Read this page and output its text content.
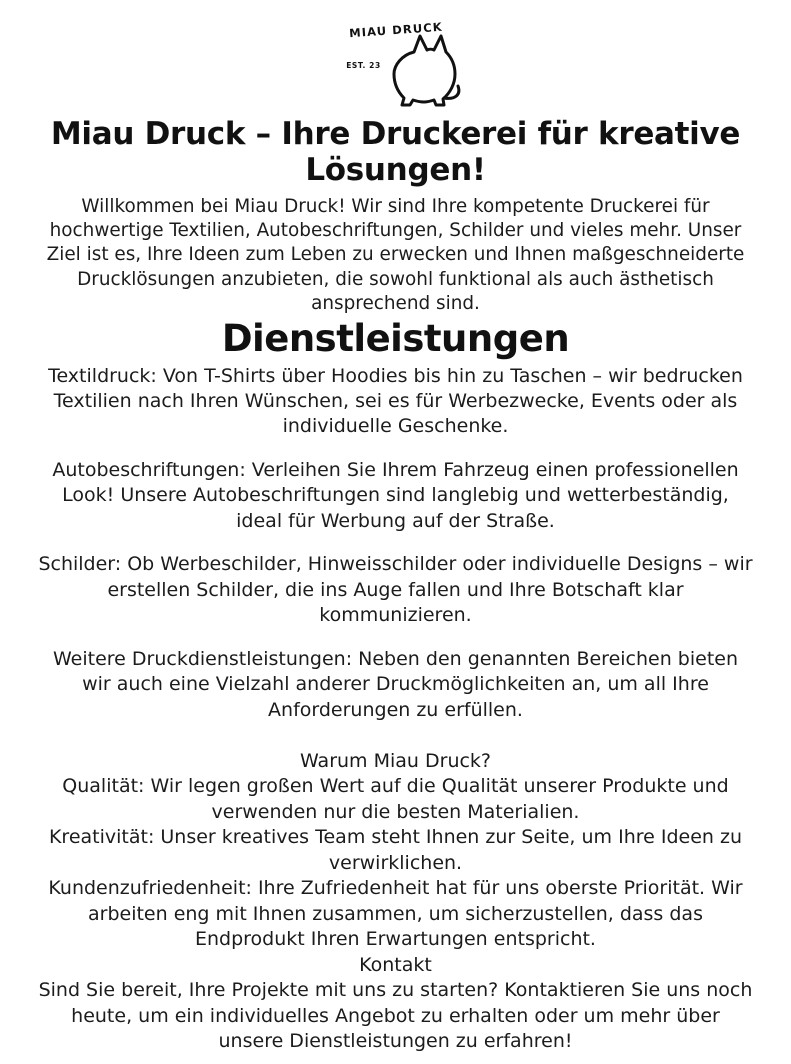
MIAU DRUCK
EST. 23
Miau Druck – Ihre Druckerei für kreative Lösungen!

Willkommen bei Miau Druck! Wir sind Ihre kompetente Druckerei für hochwertige Textilien, Autobeschriftungen, Schilder und vieles mehr. Unser Ziel ist es, Ihre Ideen zum Leben zu erwecken und Ihnen maßgeschneiderte Drucklösungen anzubieten, die sowohl funktional als auch ästhetisch ansprechend sind.

Dienstleistungen

Textildruck: Von T-Shirts über Hoodies bis hin zu Taschen – wir bedrucken Textilien nach Ihren Wünschen, sei es für Werbezwecke, Events oder als individuelle Geschenke.

Autobeschriftungen: Verleihen Sie Ihrem Fahrzeug einen professionellen Look! Unsere Autobeschriftungen sind langlebig und wetterbeständig, ideal für Werbung auf der Straße.

Schilder: Ob Werbeschilder, Hinweisschilder oder individuelle Designs – wir erstellen Schilder, die ins Auge fallen und Ihre Botschaft klar kommunizieren.

Weitere Druckdienstleistungen: Neben den genannten Bereichen bieten wir auch eine Vielzahl anderer Druckmöglichkeiten an, um all Ihre Anforderungen zu erfüllen.

Warum Miau Druck?

Qualität: Wir legen großen Wert auf die Qualität unserer Produkte und verwenden nur die besten Materialien.

Kreativität: Unser kreatives Team steht Ihnen zur Seite, um Ihre Ideen zu verwirklichen.

Kundenzufriedenheit: Ihre Zufriedenheit hat für uns oberste Priorität. Wir arbeiten eng mit Ihnen zusammen, um sicherzustellen, dass das Endprodukt Ihren Erwartungen entspricht.

Kontakt

Sind Sie bereit, Ihre Projekte mit uns zu starten? Kontaktieren Sie uns noch heute, um ein individuelles Angebot zu erhalten oder um mehr über unsere Dienstleistungen zu erfahren!
